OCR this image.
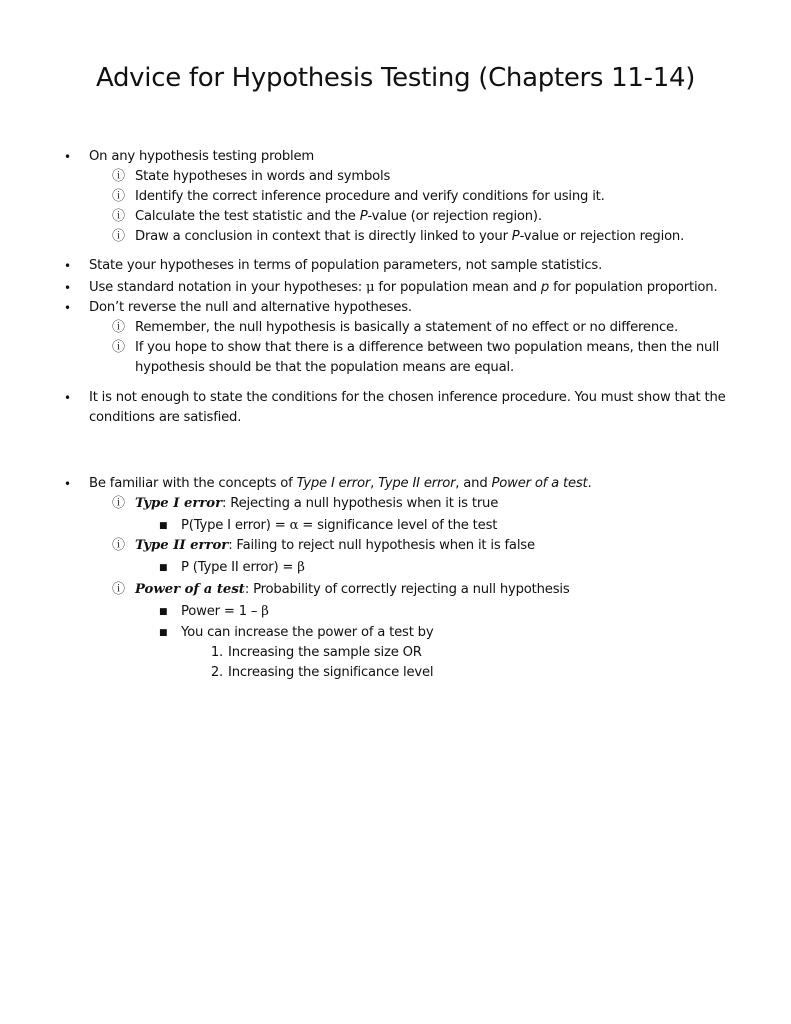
Advice for Hypothesis Testing (Chapters 11-14)
• On any hypothesis testing problem
ⓘ State hypotheses in words and symbols
ⓘ Identify the correct inference procedure and verify conditions for using it.
ⓘ Calculate the test statistic and the P-value (or rejection region).
ⓘ Draw a conclusion in context that is directly linked to your P-value or rejection region.
• State your hypotheses in terms of population parameters, not sample statistics.
• Use standard notation in your hypotheses: μ for population mean and p for population proportion.
• Don’t reverse the null and alternative hypotheses.
ⓘ Remember, the null hypothesis is basically a statement of no effect or no difference.
ⓘ If you hope to show that there is a difference between two population means, then the null
hypothesis should be that the population means are equal.
• It is not enough to state the conditions for the chosen inference procedure. You must show that the
conditions are satisfied.
• Be familiar with the concepts of Type I error, Type II error, and Power of a test.
ⓘ Type I error: Rejecting a null hypothesis when it is true
■ P(Type I error) = α = significance level of the test
ⓘ Type II error: Failing to reject null hypothesis when it is false
■ P (Type II error) = β
ⓘ Power of a test: Probability of correctly rejecting a null hypothesis
■ Power = 1 – β
■ You can increase the power of a test by
1. Increasing the sample size OR
2. Increasing the significance level
